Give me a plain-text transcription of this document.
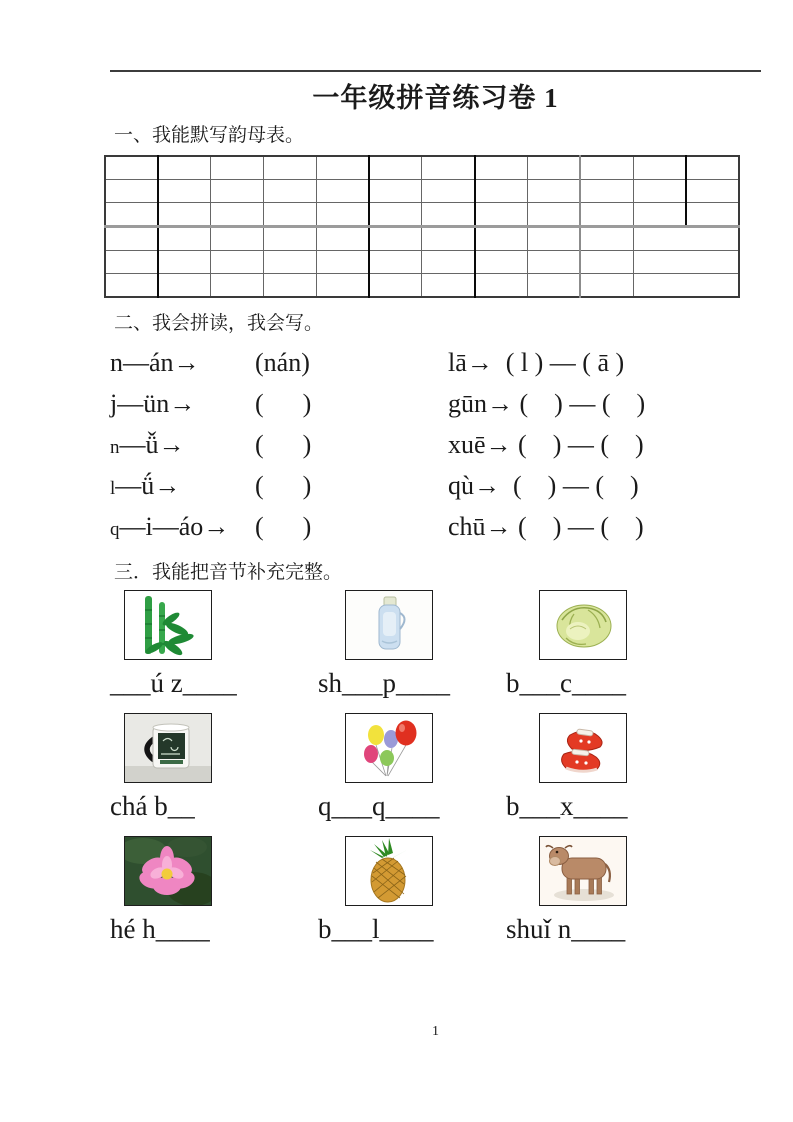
一年级拼音练习卷 1
一、我能默写韵母表。

二、我会拼读，我会写。
n—án→	(nán)	lā→  ( l ) — ( ā )
j—ün→	(      )	gūn→ (    ) — (    )
n—ǚ→	(      )	xuē→ (    ) — (    )
l—ǘ→	(      )	qù→  (    ) — (    )
q—i—áo→ (      )	chū→ (    ) — (    )
三．我能把音节补充完整。
___ú z____	sh___p____	b___c____
chá b__	q___q____	b___x____
hé h____	b___l____	shuǐ n____
1
